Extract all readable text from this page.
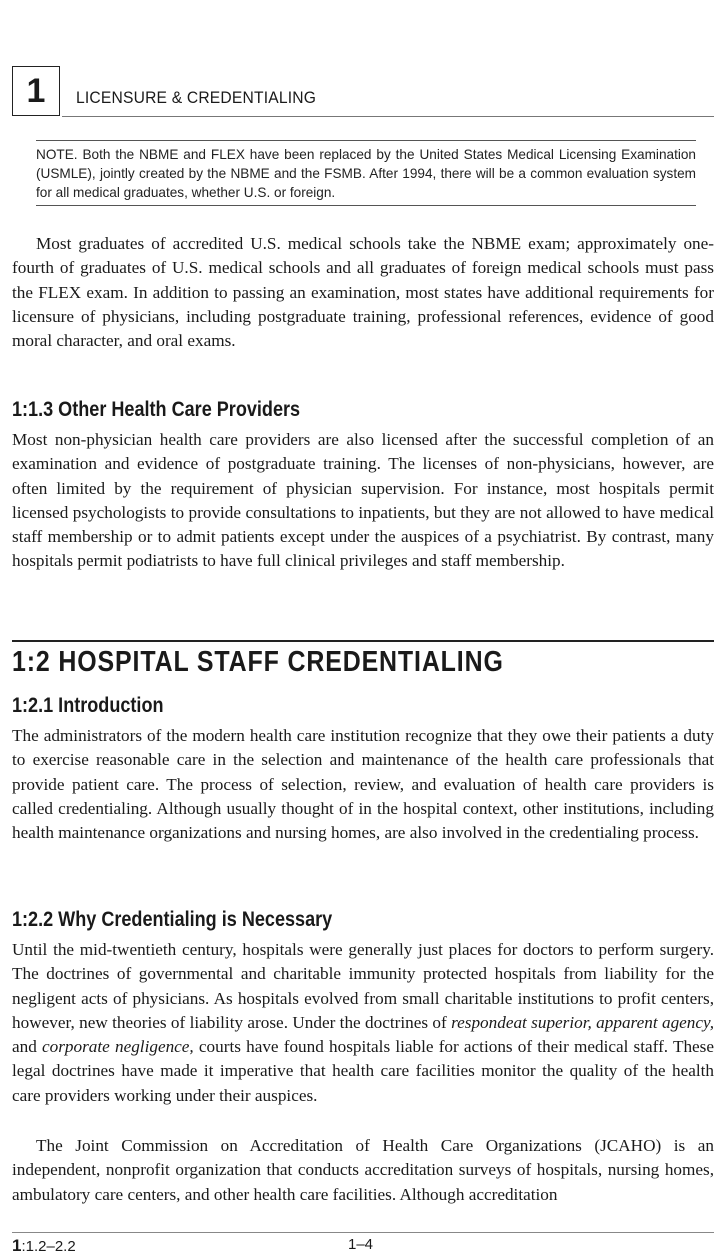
1 LICENSURE & CREDENTIALING
NOTE. Both the NBME and FLEX have been replaced by the United States Medical Licensing Examination (USMLE), jointly created by the NBME and the FSMB. After 1994, there will be a common evaluation system for all medical graduates, whether U.S. or foreign.

Most graduates of accredited U.S. medical schools take the NBME exam; approximately one-fourth of graduates of U.S. medical schools and all graduates of foreign medical schools must pass the FLEX exam. In addition to passing an examination, most states have additional requirements for licensure of physicians, including postgraduate training, professional references, evidence of good moral character, and oral exams.

1:1.3 Other Health Care Providers

Most non-physician health care providers are also licensed after the successful completion of an examination and evidence of postgraduate training. The licenses of non-physicians, however, are often limited by the requirement of physician supervision. For instance, most hospitals permit licensed psychologists to provide consultations to inpatients, but they are not allowed to have medical staff membership or to admit patients except under the auspices of a psychiatrist. By contrast, many hospitals permit podiatrists to have full clinical privileges and staff membership.

1:2 HOSPITAL STAFF CREDENTIALING
1:2.1 Introduction

The administrators of the modern health care institution recognize that they owe their patients a duty to exercise reasonable care in the selection and maintenance of the health care professionals that provide patient care. The process of selection, review, and evaluation of health care providers is called credentialing. Although usually thought of in the hospital context, other institutions, including health maintenance organizations and nursing homes, are also involved in the credentialing process.

1:2.2 Why Credentialing is Necessary

Until the mid-twentieth century, hospitals were generally just places for doctors to perform surgery. The doctrines of governmental and charitable immunity protected hospitals from liability for the negligent acts of physicians. As hospitals evolved from small charitable institutions to profit centers, however, new theories of liability arose. Under the doctrines of respondeat superior, apparent agency, and corporate negligence, courts have found hospitals liable for actions of their medical staff. These legal doctrines have made it imperative that health care facilities monitor the quality of the health care providers working under their auspices.

The Joint Commission on Accreditation of Health Care Organizations (JCAHO) is an independent, nonprofit organization that conducts accreditation surveys of hospitals, nursing homes, ambulatory care centers, and other health care facilities. Although accreditation

1:1.2–2.2	1–4
